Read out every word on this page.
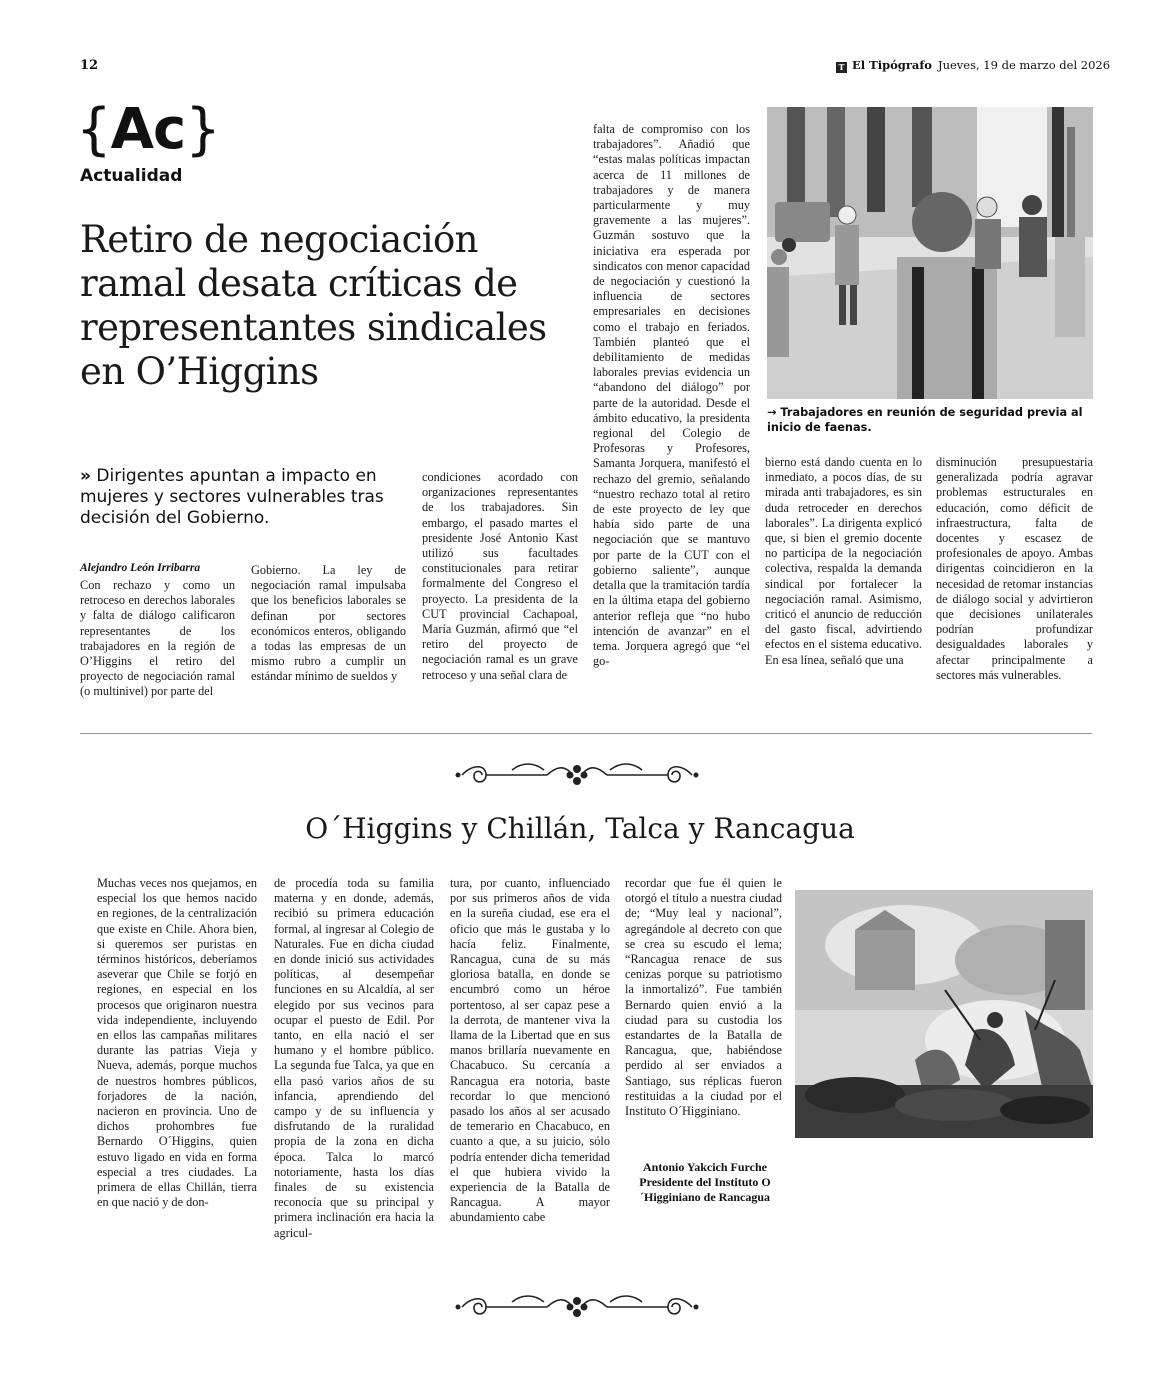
12	T El Tipógrafo Jueves, 19 de marzo del 2026
{Ac}
Actualidad
Retiro de negociación ramal desata críticas de representantes sindicales en O’Higgins
» Dirigentes apuntan a impacto en mujeres y sectores vulnerables tras decisión del Gobierno.
Alejandro León Irribarra

Con rechazo y como un retroceso en derechos laborales y falta de diálogo calificaron representantes de los trabajadores en la región de O’Higgins el retiro del proyecto de negociación ramal (o multinivel) por parte del

Gobierno. La ley de negociación ramal impulsaba que los beneficios laborales se definan por sectores económicos enteros, obligando a todas las empresas de un mismo rubro a cumplir un estándar mínimo de sueldos y

condiciones acordado con organizaciones representantes de los trabajadores. Sin embargo, el pasado martes el presidente José Antonio Kast utilizó sus facultades constitucionales para retirar formalmente del Congreso el proyecto. La presidenta de la CUT provincial Cachapoal, María Guzmán, afirmó que “el retiro del proyecto de negociación ramal es un grave retroceso y una señal clara de

falta de compromiso con los trabajadores”. Añadió que “estas malas políticas impactan acerca de 11 millones de trabajadores y de manera particularmente y muy gravemente a las mujeres”. Guzmán sostuvo que la iniciativa era esperada por sindicatos con menor capacidad de negociación y cuestionó la influencia de sectores empresariales en decisiones como el trabajo en feriados. También planteó que el debilitamiento de medidas laborales previas evidencia un “abandono del diálogo” por parte de la autoridad. Desde el ámbito educativo, la presidenta regional del Colegio de Profesoras y Profesores, Samanta Jorquera, manifestó el rechazo del gremio, señalando “nuestro rechazo total al retiro de este proyecto de ley que había sido parte de una negociación que se mantuvo por parte de la CUT con el gobierno saliente”, aunque detalla que la tramitación tardía en la última etapa del gobierno anterior refleja que “no hubo intención de avanzar” en el tema. Jorquera agregó que “el go-

bierno está dando cuenta en lo inmediato, a pocos días, de su mirada anti trabajadores, es sin duda retroceder en derechos laborales”. La dirigenta explicó que, si bien el gremio docente no participa de la negociación colectiva, respalda la demanda sindical por fortalecer la negociación ramal. Asimismo, criticó el anuncio de reducción del gasto fiscal, advirtiendo efectos en el sistema educativo. En esa línea, señaló que una

disminución presupuestaria generalizada podría agravar problemas estructurales en educación, como déficit de infraestructura, falta de docentes y escasez de profesionales de apoyo. Ambas dirigentas coincidieron en la necesidad de retomar instancias de diálogo social y advirtieron que decisiones unilaterales podrían profundizar desigualdades laborales y afectar principalmente a sectores más vulnerables.

→ Trabajadores en reunión de seguridad previa al inicio de faenas.
O´Higgins y Chillán, Talca y Rancagua

Muchas veces nos quejamos, en especial los que hemos nacido en regiones, de la centralización que existe en Chile. Ahora bien, si queremos ser puristas en términos históricos, deberíamos aseverar que Chile se forjó en regiones, en especial en los procesos que originaron nuestra vida independiente, incluyendo en ellos las campañas militares durante las patrias Vieja y Nueva, además, porque muchos de nuestros hombres públicos, forjadores de la nación, nacieron en provincia. Uno de dichos prohombres fue Bernardo O´Higgins, quien estuvo ligado en vida en forma especial a tres ciudades. La primera de ellas Chillán, tierra en que nació y de don-

de procedía toda su familia materna y en donde, además, recibió su primera educación formal, al ingresar al Colegio de Naturales. Fue en dicha ciudad en donde inició sus actividades políticas, al desempeñar funciones en su Alcaldía, al ser elegido por sus vecinos para ocupar el puesto de Edil. Por tanto, en ella nació el ser humano y el hombre público. La segunda fue Talca, ya que en ella pasó varios años de su infancia, aprendiendo del campo y de su influencia y disfrutando de la ruralidad propia de la zona en dicha época. Talca lo marcó notoriamente, hasta los días finales de su existencia reconocía que su principal y primera inclinación era hacia la agricul-

tura, por cuanto, influenciado por sus primeros años de vida en la sureña ciudad, ese era el oficio que más le gustaba y lo hacía feliz. Finalmente, Rancagua, cuna de su más gloriosa batalla, en donde se encumbró como un héroe portentoso, al ser capaz pese a la derrota, de mantener viva la llama de la Libertad que en sus manos brillaría nuevamente en Chacabuco. Su cercanía a Rancagua era notoria, baste recordar lo que mencionó pasado los años al ser acusado de temerario en Chacabuco, en cuanto a que, a su juicio, sólo podría entender dicha temeridad el que hubiera vivido la experiencia de la Batalla de Rancagua. A mayor abundamiento cabe

recordar que fue él quien le otorgó el título a nuestra ciudad de; “Muy leal y nacional”, agregándole al decreto con que se crea su escudo el lema; “Rancagua renace de sus cenizas porque su patriotismo la inmortalizó”. Fue también Bernardo quien envió a la ciudad para su custodia los estandartes de la Batalla de Rancagua, que, habiéndose perdido al ser enviados a Santiago, sus réplicas fueron restituidas a la ciudad por el Instituto O´Higginiano.

Antonio Yakcich Furche
Presidente del Instituto O´Higginiano de Rancagua
